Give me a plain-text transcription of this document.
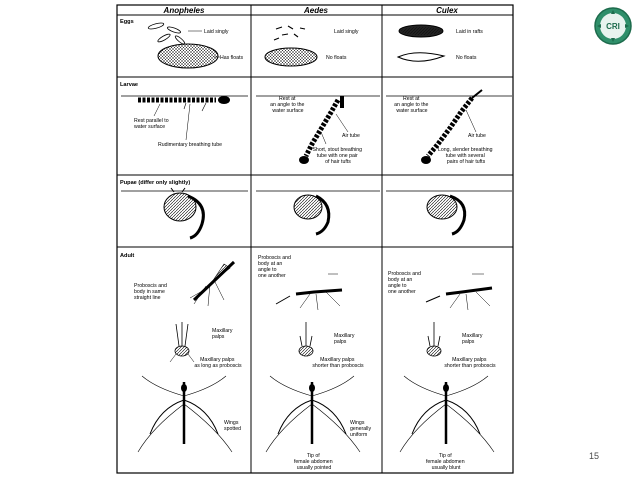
Anopheles	Aedes	Culex
Eggs
Larvae
Pupae (differ only slightly)
Adult
Laid singly
Has floats
Laid singly
No floats
Laid in rafts
No floats
Rest parallel to water surface
Rudimentary breathing tube
Rest at an angle to the water surface
Air tube
Short, stout breathing tube with one pair of hair tufts
Rest at an angle to the water surface
Air tube
Long, slender breathing tube with several pairs of hair tufts
Proboscis and body in same straight line
Maxillary palps
Maxillary palps as long as proboscis
Wings spotted
Proboscis and body at an angle to one another
Maxillary palps
Maxillary palps shorter than proboscis
Wings generally uniform
Tip of female abdomen usually pointed
Proboscis and body at an angle to one another
Maxillary palps
Maxillary palps shorter than proboscis
Tip of female abdomen usually blunt
CRI
15
